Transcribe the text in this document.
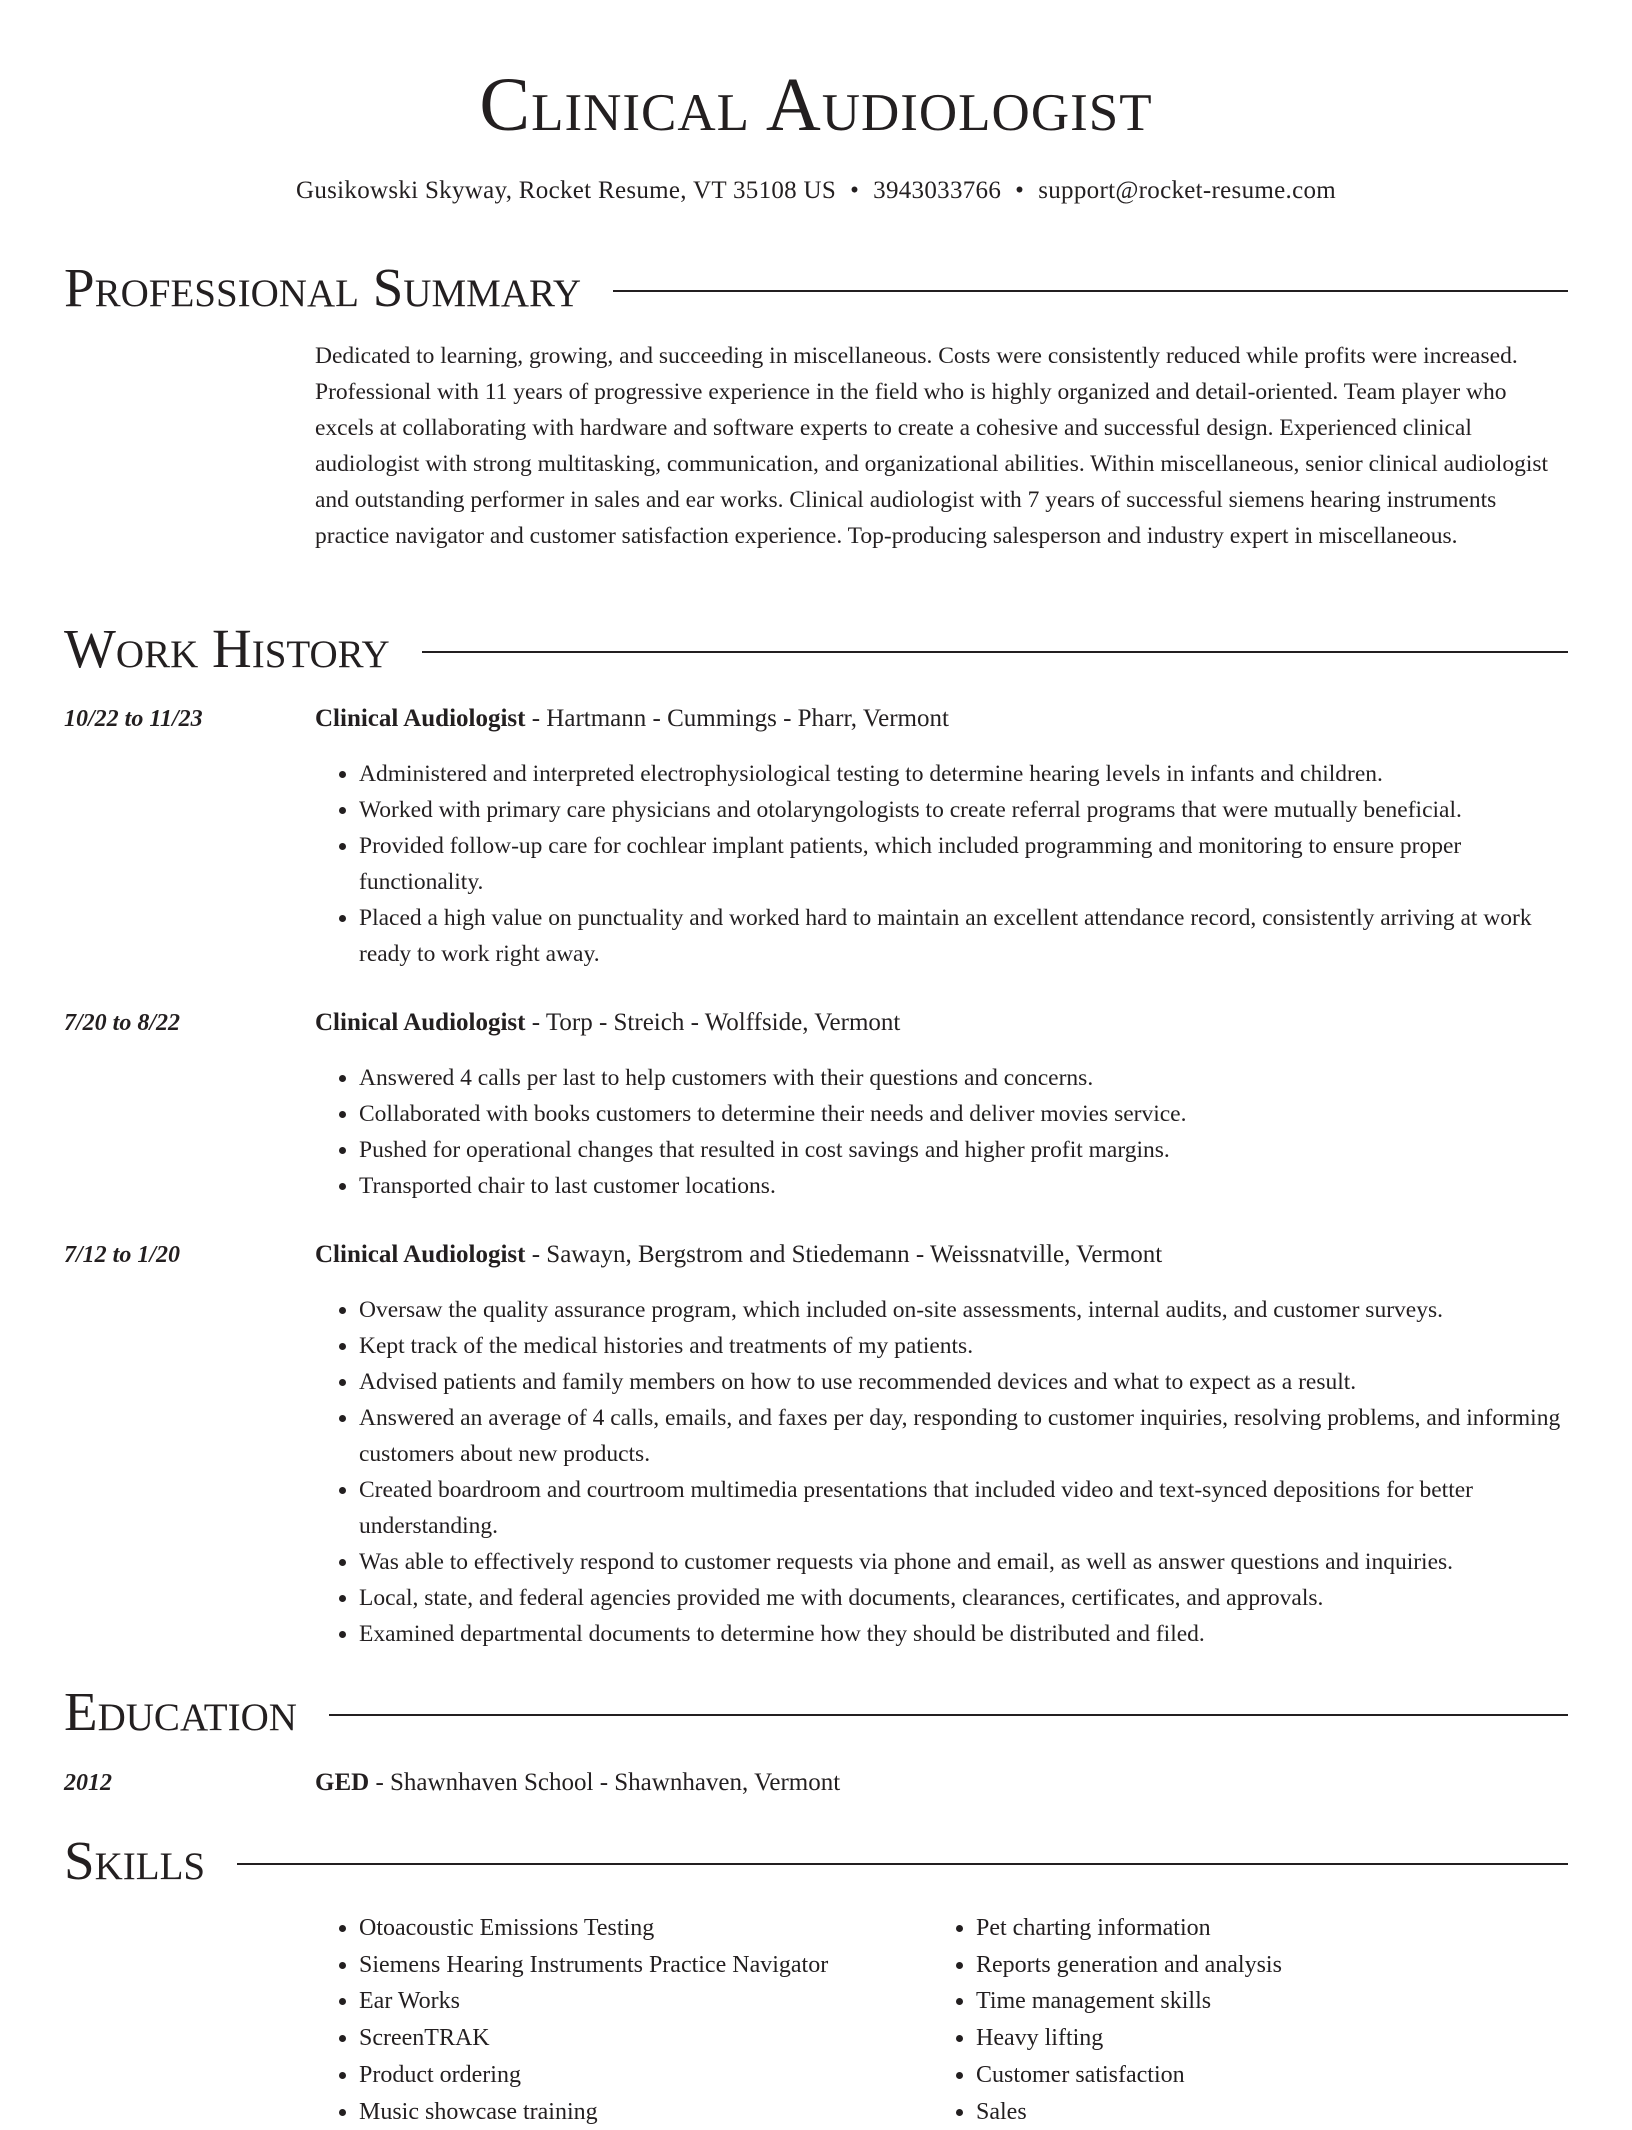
Clinical Audiologist
Gusikowski Skyway, Rocket Resume, VT 35108 US • 3943033766 • support@rocket-resume.com
Professional Summary

Dedicated to learning, growing, and succeeding in miscellaneous. Costs were consistently reduced while profits were increased. Professional with 11 years of progressive experience in the field who is highly organized and detail-oriented. Team player who excels at collaborating with hardware and software experts to create a cohesive and successful design. Experienced clinical audiologist with strong multitasking, communication, and organizational abilities. Within miscellaneous, senior clinical audiologist and outstanding performer in sales and ear works. Clinical audiologist with 7 years of successful siemens hearing instruments practice navigator and customer satisfaction experience. Top-producing salesperson and industry expert in miscellaneous.

Work History
10/22 to 11/23	Clinical Audiologist - Hartmann - Cummings - Pharr, Vermont
• Administered and interpreted electrophysiological testing to determine hearing levels in infants and children.
• Worked with primary care physicians and otolaryngologists to create referral programs that were mutually beneficial.
• Provided follow-up care for cochlear implant patients, which included programming and monitoring to ensure proper functionality.
• Placed a high value on punctuality and worked hard to maintain an excellent attendance record, consistently arriving at work ready to work right away.
7/20 to 8/22	Clinical Audiologist - Torp - Streich - Wolffside, Vermont
• Answered 4 calls per last to help customers with their questions and concerns.
• Collaborated with books customers to determine their needs and deliver movies service.
• Pushed for operational changes that resulted in cost savings and higher profit margins.
• Transported chair to last customer locations.
7/12 to 1/20	Clinical Audiologist - Sawayn, Bergstrom and Stiedemann - Weissnatville, Vermont
• Oversaw the quality assurance program, which included on-site assessments, internal audits, and customer surveys.
• Kept track of the medical histories and treatments of my patients.
• Advised patients and family members on how to use recommended devices and what to expect as a result.
• Answered an average of 4 calls, emails, and faxes per day, responding to customer inquiries, resolving problems, and informing customers about new products.
• Created boardroom and courtroom multimedia presentations that included video and text-synced depositions for better understanding.
• Was able to effectively respond to customer requests via phone and email, as well as answer questions and inquiries.
• Local, state, and federal agencies provided me with documents, clearances, certificates, and approvals.
• Examined departmental documents to determine how they should be distributed and filed.
Education
2012	GED - Shawnhaven School - Shawnhaven, Vermont
Skills
• Otoacoustic Emissions Testing
• Siemens Hearing Instruments Practice Navigator
• Ear Works
• ScreenTRAK
• Product ordering
• Music showcase training
• Pet charting information
• Reports generation and analysis
• Time management skills
• Heavy lifting
• Customer satisfaction
• Sales
